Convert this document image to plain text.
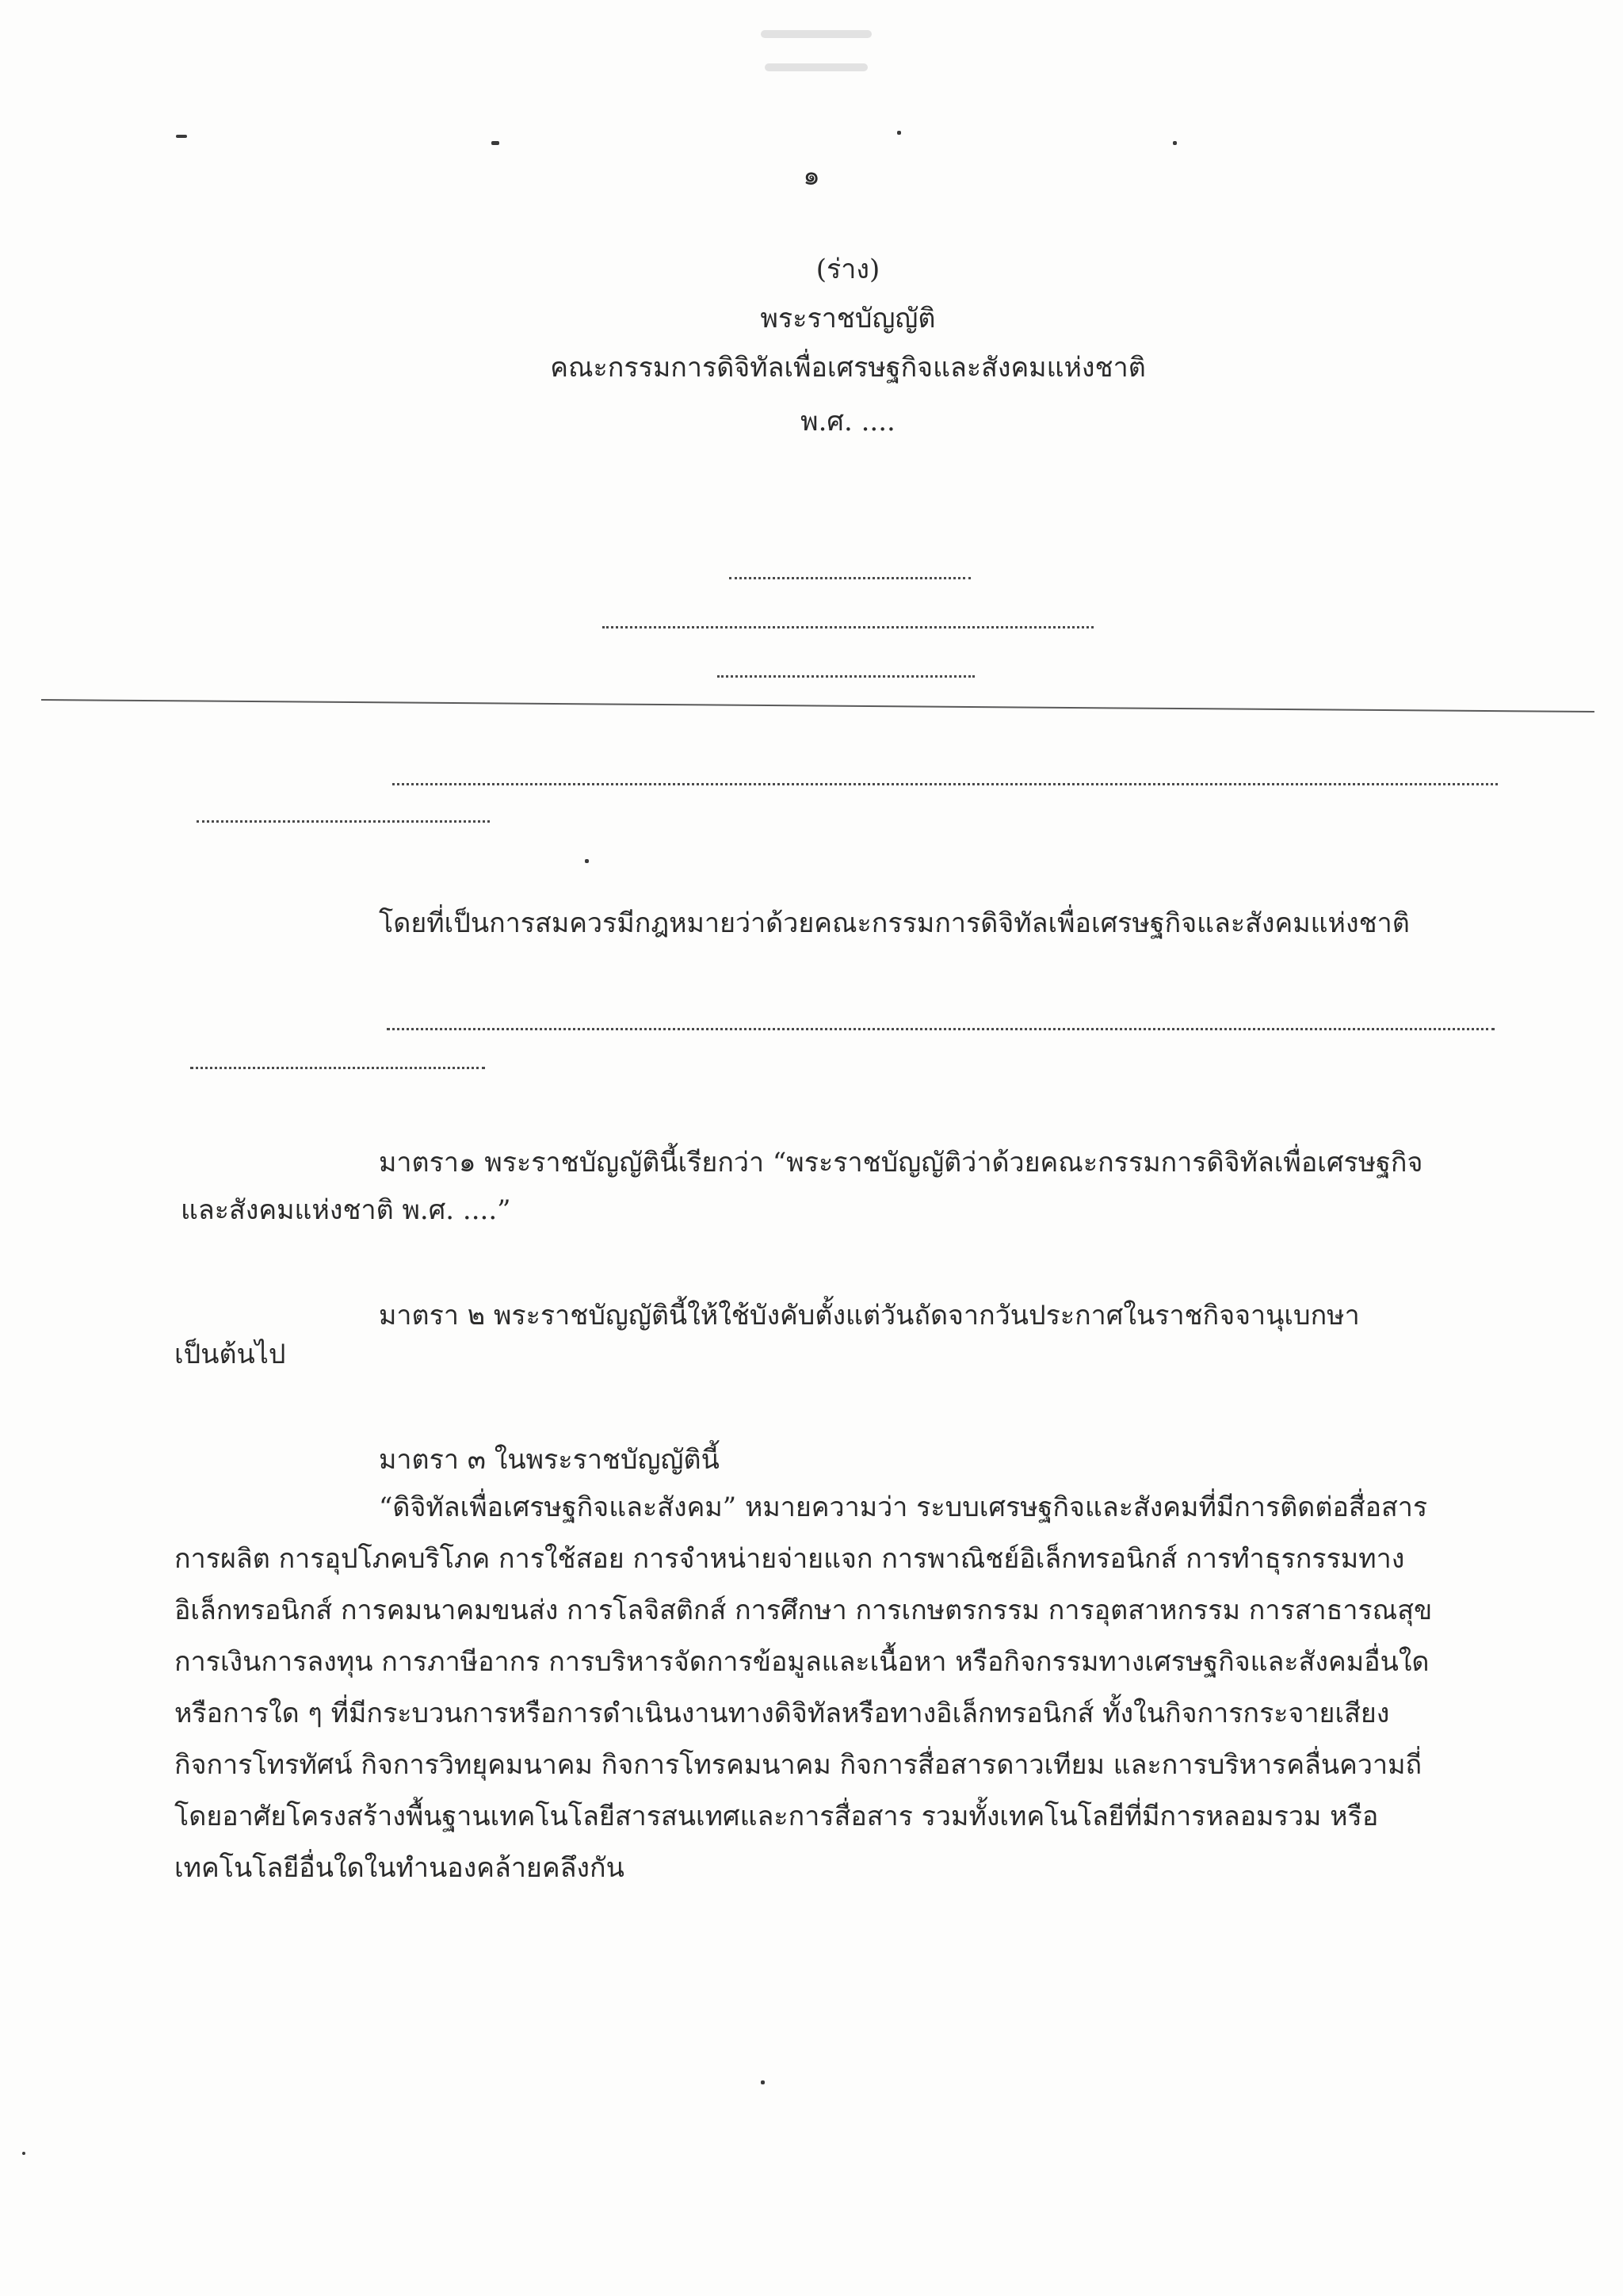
๑
(ร่าง)
พระราชบัญญัติ
คณะกรรมการดิจิทัลเพื่อเศรษฐกิจและสังคมแห่งชาติ
พ.ศ. ....
โดยที่เป็นการสมควรมีกฎหมายว่าด้วยคณะกรรมการดิจิทัลเพื่อเศรษฐกิจและสังคมแห่งชาติ
มาตรา๑ พระราชบัญญัตินี้เรียกว่า “พระราชบัญญัติว่าด้วยคณะกรรมการดิจิทัลเพื่อเศรษฐกิจ
และสังคมแห่งชาติ พ.ศ. ....”
มาตรา ๒ พระราชบัญญัตินี้ให้ใช้บังคับตั้งแต่วันถัดจากวันประกาศในราชกิจจานุเบกษา
เป็นต้นไป
มาตรา ๓ ในพระราชบัญญัตินี้
“ดิจิทัลเพื่อเศรษฐกิจและสังคม” หมายความว่า ระบบเศรษฐกิจและสังคมที่มีการติดต่อสื่อสาร
การผลิต การอุปโภคบริโภค การใช้สอย การจำหน่ายจ่ายแจก การพาณิชย์อิเล็กทรอนิกส์ การทำธุรกรรมทาง
อิเล็กทรอนิกส์ การคมนาคมขนส่ง การโลจิสติกส์ การศึกษา การเกษตรกรรม การอุตสาหกรรม การสาธารณสุข
การเงินการลงทุน การภาษีอากร การบริหารจัดการข้อมูลและเนื้อหา หรือกิจกรรมทางเศรษฐกิจและสังคมอื่นใด
หรือการใด ๆ ที่มีกระบวนการหรือการดำเนินงานทางดิจิทัลหรือทางอิเล็กทรอนิกส์ ทั้งในกิจการกระจายเสียง
กิจการโทรทัศน์ กิจการวิทยุคมนาคม กิจการโทรคมนาคม กิจการสื่อสารดาวเทียม และการบริหารคลื่นความถี่
โดยอาศัยโครงสร้างพื้นฐานเทคโนโลยีสารสนเทศและการสื่อสาร รวมทั้งเทคโนโลยีที่มีการหลอมรวม หรือ
เทคโนโลยีอื่นใดในทำนองคล้ายคลึงกัน
